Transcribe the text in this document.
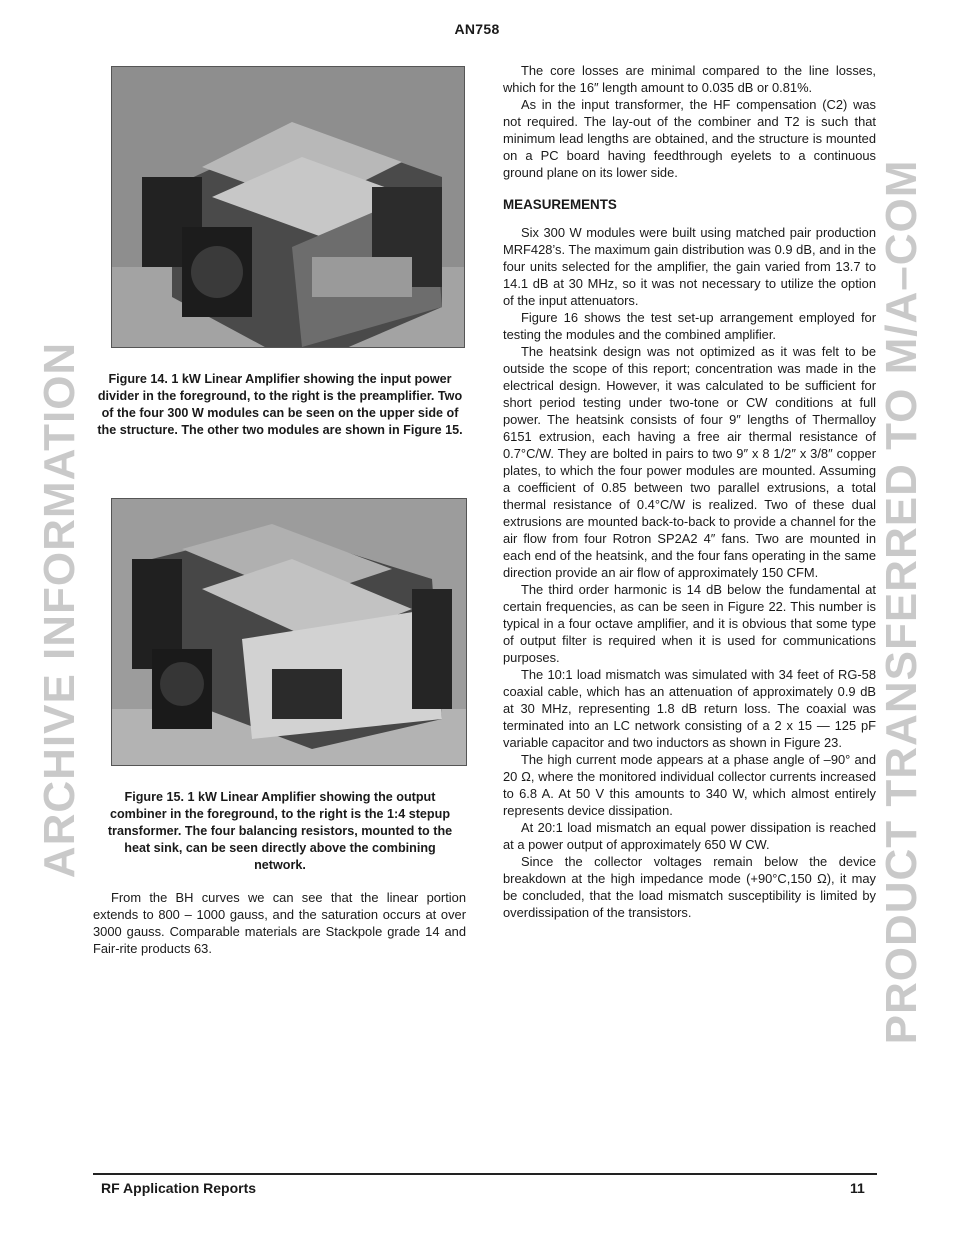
AN758
ARCHIVE INFORMATION	PRODUCT TRANSFERRED TO M/A–COM
Figure 14. 1 kW Linear Amplifier showing the input power divider in the foreground, to the right is the preamplifier. Two of the four 300 W modules can be seen on the upper side of the structure. The other two modules are shown in Figure 15.
Figure 15. 1 kW Linear Amplifier showing the output combiner in the foreground, to the right is the 1:4 stepup transformer. The four balancing resistors, mounted to the heat sink, can be seen directly above the combining network.

From the BH curves we can see that the linear portion extends to 800 – 1000 gauss, and the saturation occurs at over 3000 gauss. Comparable materials are Stackpole grade 14 and Fair-rite products 63.

The core losses are minimal compared to the line losses, which for the 16″ length amount to 0.035 dB or 0.81%.

As in the input transformer, the HF compensation (C2) was not required. The lay-out of the combiner and T2 is such that minimum lead lengths are obtained, and the structure is mounted on a PC board having feedthrough eyelets to a continuous ground plane on its lower side.

MEASUREMENTS

Six 300 W modules were built using matched pair production MRF428’s. The maximum gain distribution was 0.9 dB, and in the four units selected for the amplifier, the gain varied from 13.7 to 14.1 dB at 30 MHz, so it was not necessary to utilize the option of the input attenuators.

Figure 16 shows the test set-up arrangement employed for testing the modules and the combined amplifier.

The heatsink design was not optimized as it was felt to be outside the scope of this report; concentration was made in the electrical design. However, it was calculated to be sufficient for short period testing under two-tone or CW conditions at full power. The heatsink consists of four 9″ lengths of Thermalloy 6151 extrusion, each having a free air thermal resistance of 0.7°C/W. They are bolted in pairs to two 9″ x 8 1/2″ x 3/8″ copper plates, to which the four power modules are mounted. Assuming a coefficient of 0.85 between two parallel extrusions, a total thermal resistance of 0.4°C/W is realized. Two of these dual extrusions are mounted back-to-back to provide a channel for the air flow from four Rotron SP2A2 4″ fans. Two are mounted in each end of the heatsink, and the four fans operating in the same direction provide an air flow of approximately 150 CFM.

The third order harmonic is 14 dB below the fundamental at certain frequencies, as can be seen in Figure 22. This number is typical in a four octave amplifier, and it is obvious that some type of output filter is required when it is used for communications purposes.

The 10:1 load mismatch was simulated with 34 feet of RG-58 coaxial cable, which has an attenuation of approximately 0.9 dB at 30 MHz, representing 1.8 dB return loss. The coaxial was terminated into an LC network consisting of a 2 x 15 — 125 pF variable capacitor and two inductors as shown in Figure 23.

The high current mode appears at a phase angle of –90° and 20 Ω, where the monitored individual collector currents increased to 6.8 A. At 50 V this amounts to 340 W, which almost entirely represents device dissipation.

At 20:1 load mismatch an equal power dissipation is reached at a power output of approximately 650 W CW.

Since the collector voltages remain below the device breakdown at the high impedance mode (+90°C,150 Ω), it may be concluded, that the load mismatch susceptibility is limited by overdissipation of the transistors.

RF Application Reports	11
